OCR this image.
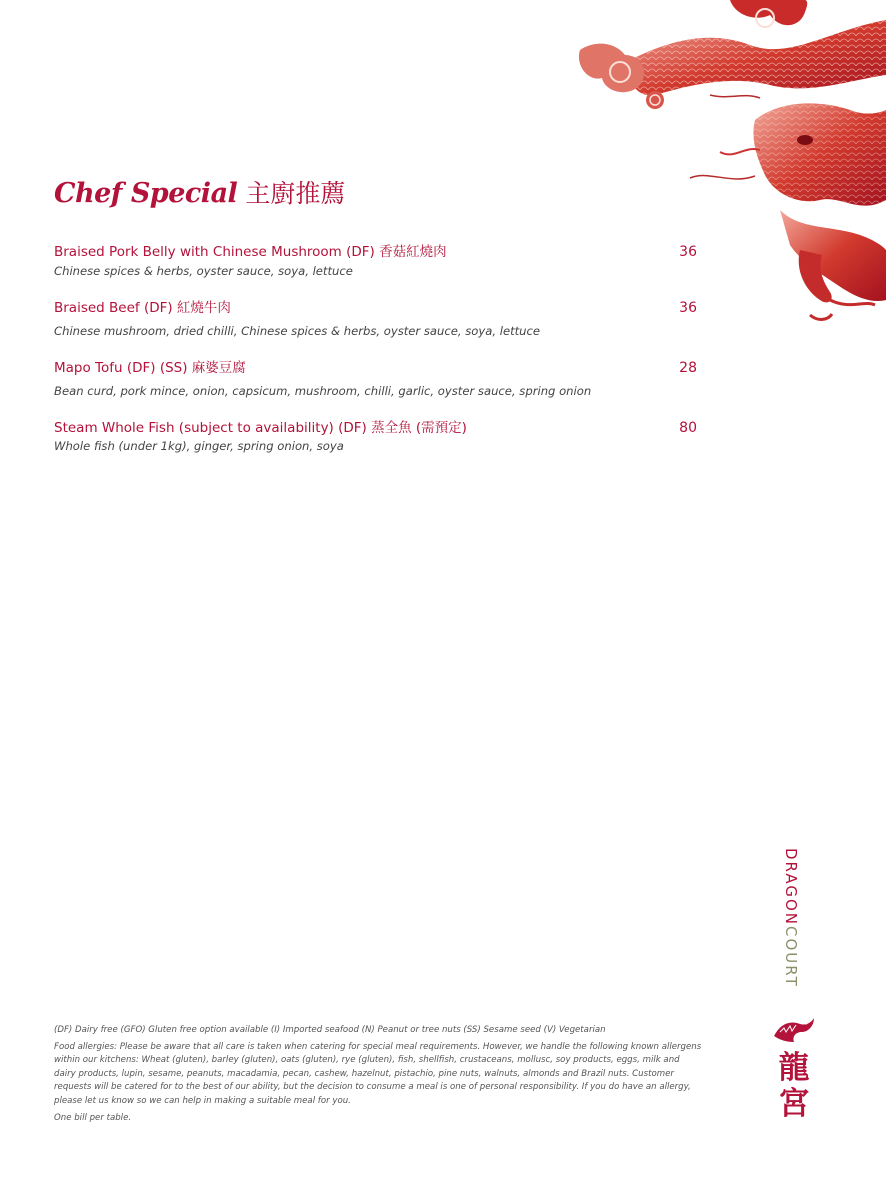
Chef Special 主廚推薦
Braised Pork Belly with Chinese Mushroom (DF) 香菇紅燒肉	36
Chinese spices & herbs, oyster sauce, soya, lettuce
Braised Beef (DF) 紅燒牛肉	36
Chinese mushroom, dried chilli, Chinese spices & herbs, oyster sauce, soya, lettuce
Mapo Tofu (DF) (SS) 麻婆豆腐	28
Bean curd, pork mince, onion, capsicum, mushroom, chilli, garlic, oyster sauce, spring onion
Steam Whole Fish (subject to availability) (DF) 蒸全魚 (需預定)	80
Whole fish (under 1kg), ginger, spring onion, soya

(DF) Dairy free (GFO) Gluten free option available (I) Imported seafood (N) Peanut or tree nuts (SS) Sesame seed (V) Vegetarian

Food allergies: Please be aware that all care is taken when catering for special meal requirements. However, we handle the following known allergens within our kitchens: Wheat (gluten), barley (gluten), oats (gluten), rye (gluten), fish, shellfish, crustaceans, mollusc, soy products, eggs, milk and dairy products, lupin, sesame, peanuts, macadamia, pecan, cashew, hazelnut, pistachio, pine nuts, walnuts, almonds and Brazil nuts. Customer requests will be catered for to the best of our ability, but the decision to consume a meal is one of personal responsibility. If you do have an allergy, please let us know so we can help in making a suitable meal for you.

One bill per table.

DRAGONCOURT
龍
宮
